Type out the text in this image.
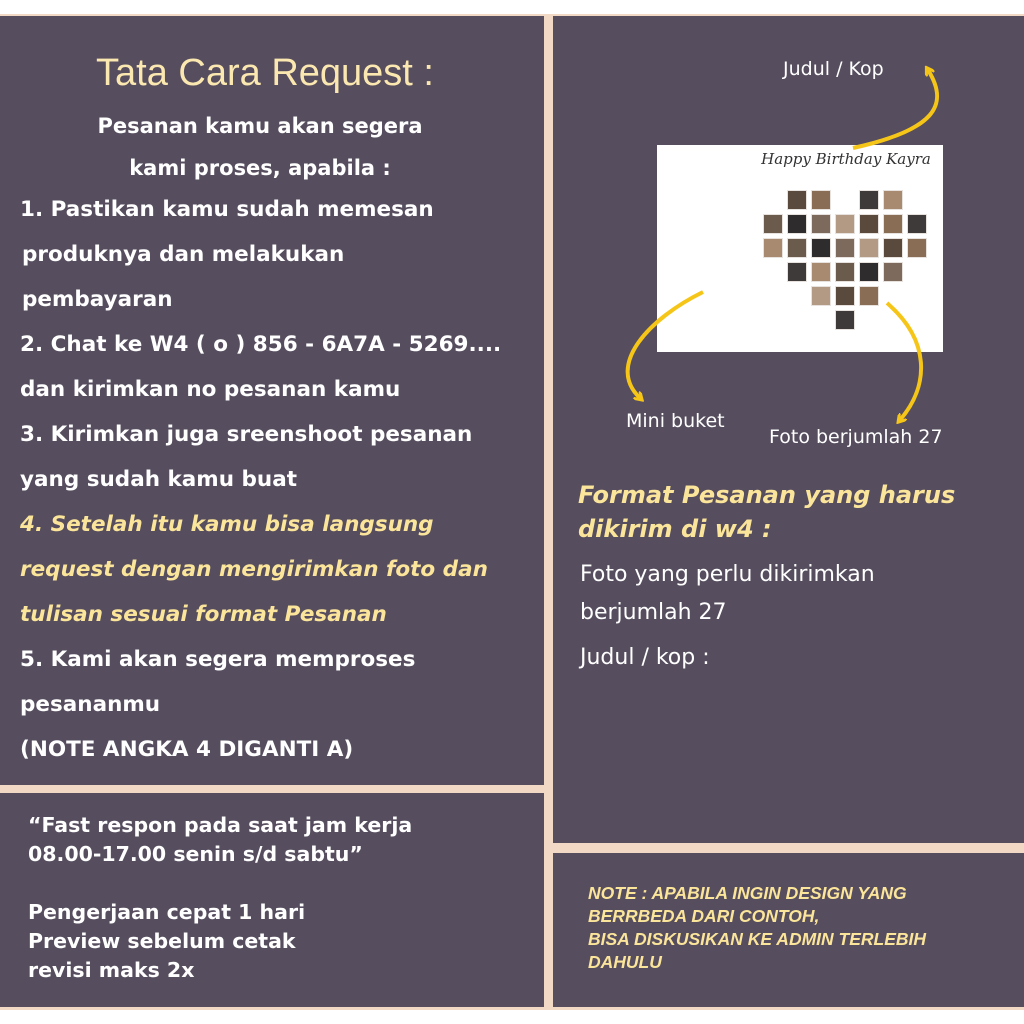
Tata Cara Request :
Pesanan kamu akan segera
kami proses, apabila :
1. Pastikan kamu sudah memesan
produknya dan melakukan
pembayaran
2. Chat ke W4 ( o ) 856 - 6A7A - 5269....
dan kirimkan no pesanan kamu
3. Kirimkan juga sreenshoot pesanan
yang sudah kamu buat
4. Setelah itu kamu bisa langsung
request dengan mengirimkan foto dan
tulisan sesuai format Pesanan
5. Kami akan segera memproses
pesananmu
(NOTE ANGKA 4 DIGANTI A)
“Fast respon pada saat jam kerja
08.00-17.00 senin s/d sabtu”
Pengerjaan cepat 1 hari
Preview sebelum cetak
revisi maks 2x
Happy Birthday Kayra
Judul / Kop
Mini buket
Foto berjumlah 27
Format Pesanan yang harus
dikirim di w4 :
Foto yang perlu dikirimkan
berjumlah 27
Judul / kop :
NOTE : APABILA INGIN DESIGN YANG
BERRBEDA DARI CONTOH,
BISA DISKUSIKAN KE ADMIN TERLEBIH
DAHULU
